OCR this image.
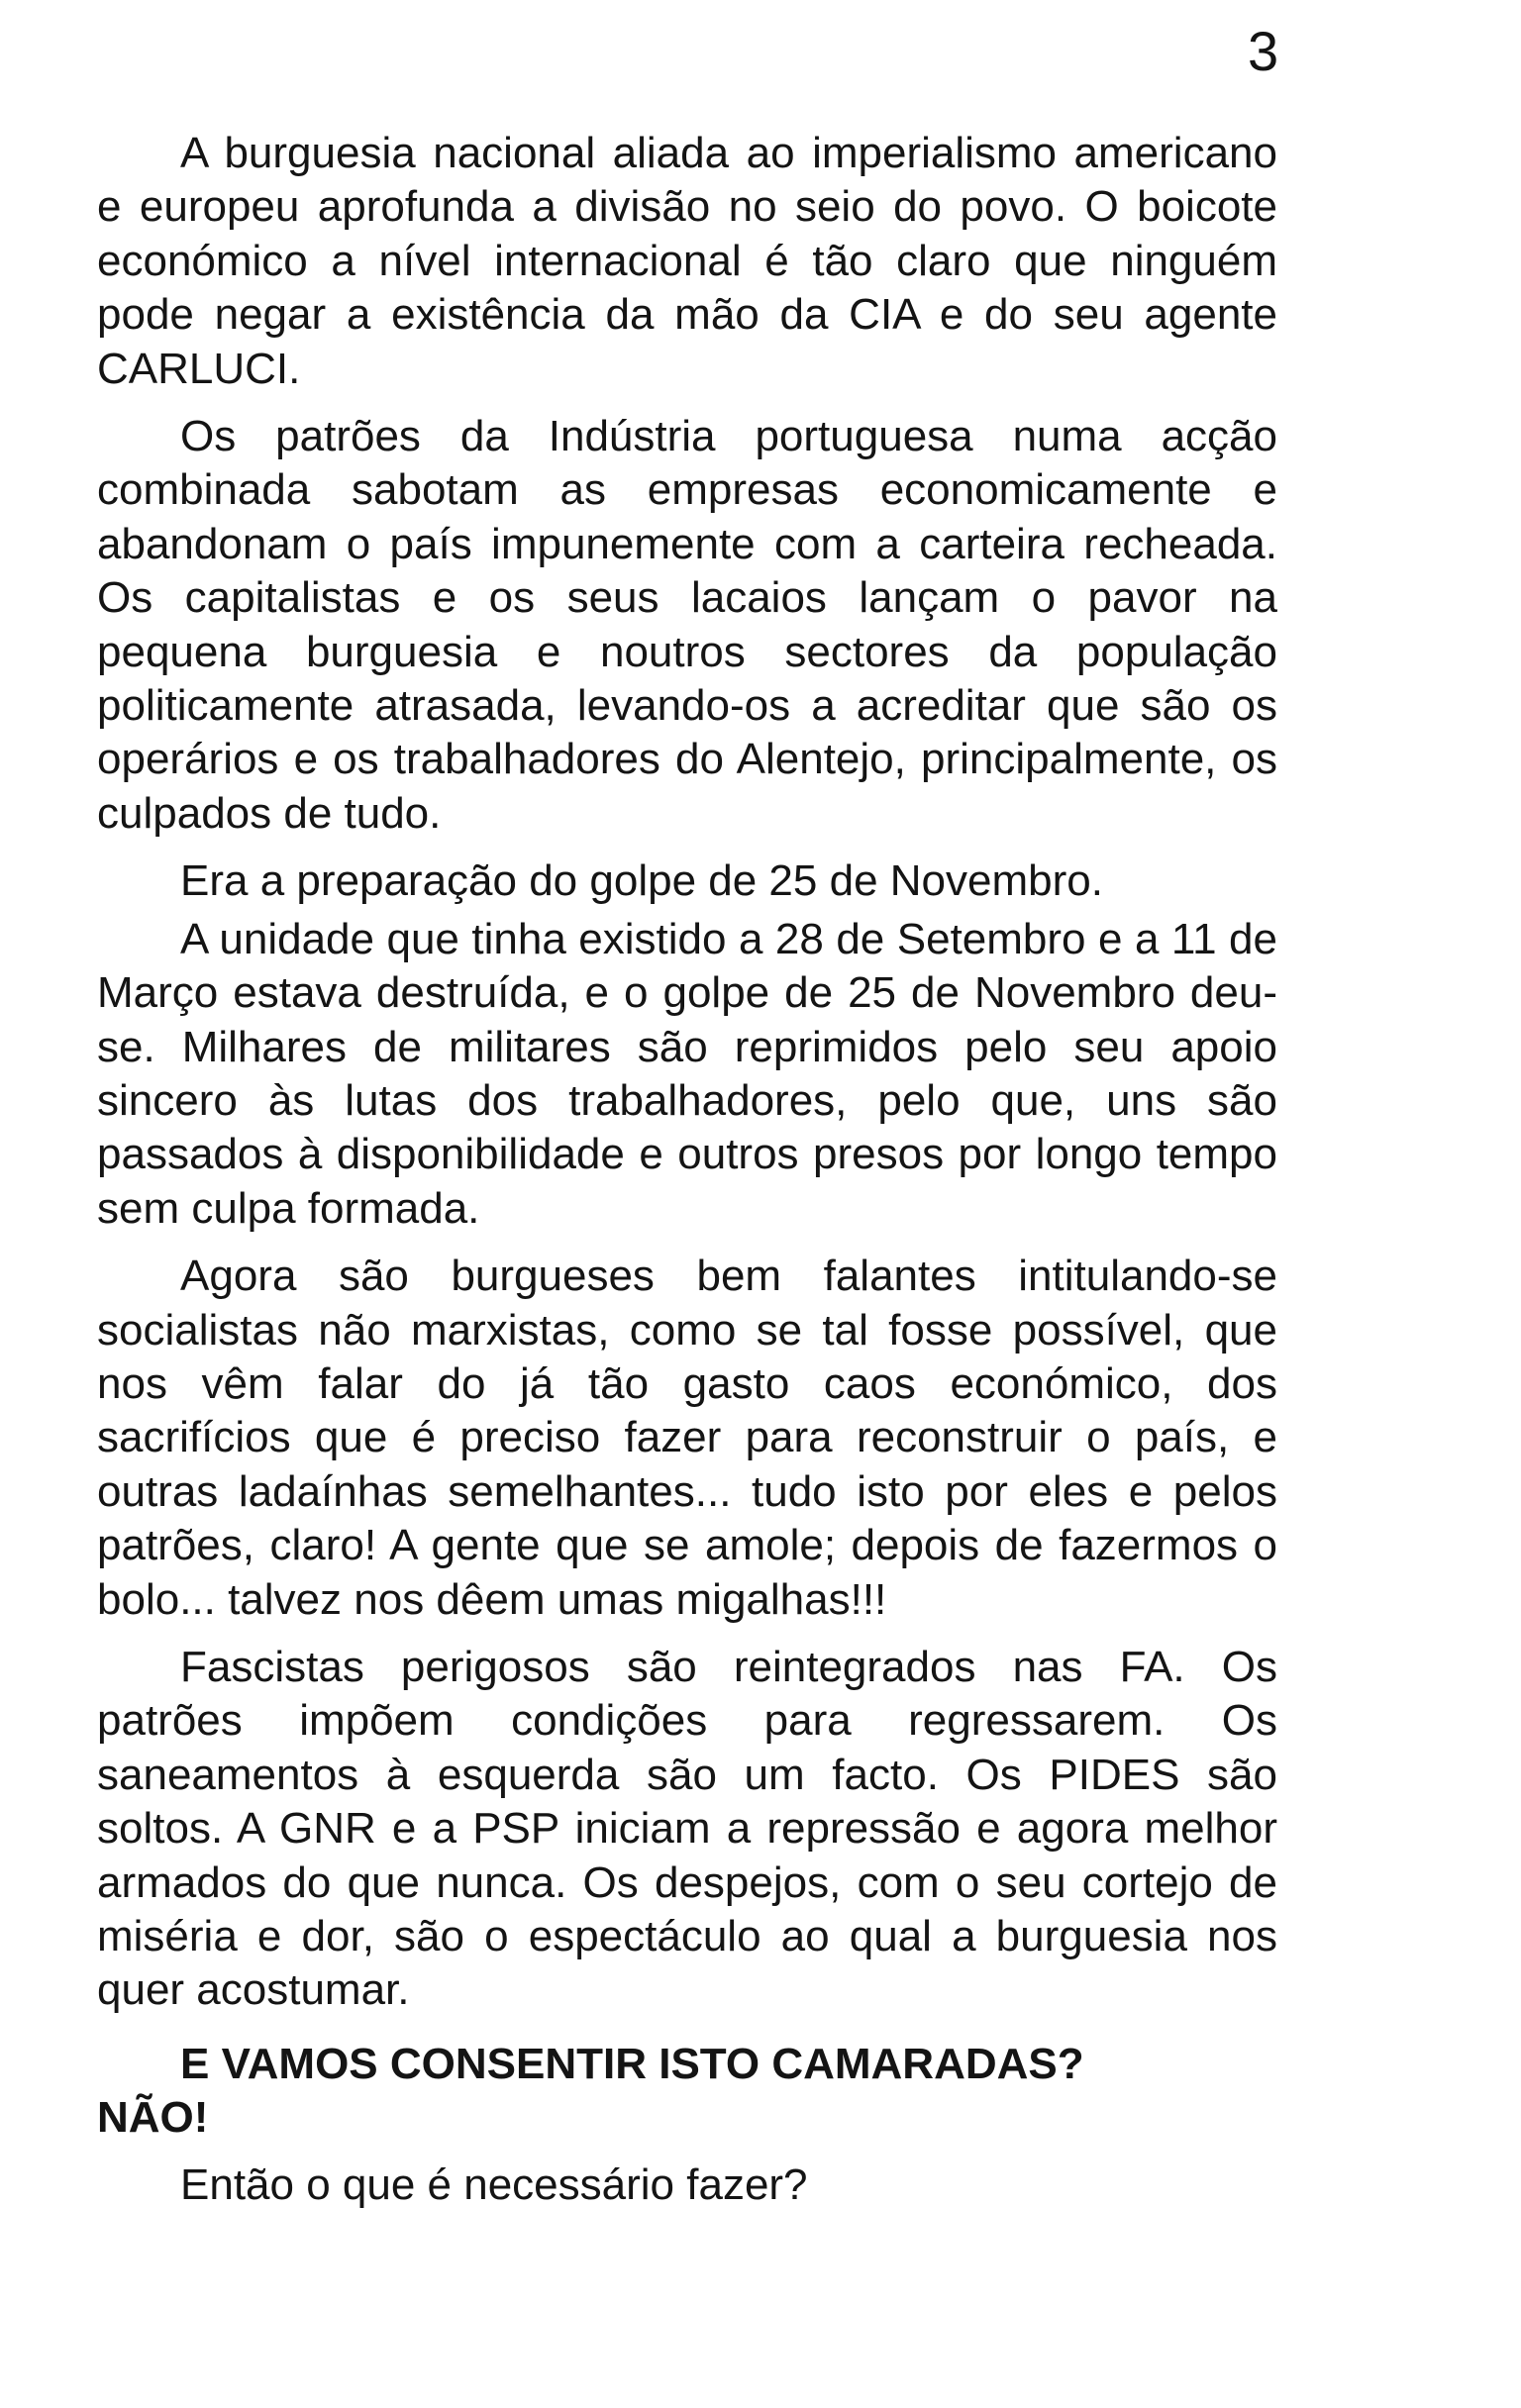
3

A burguesia nacional aliada ao imperialismo americano e europeu aprofunda a divisão no seio do povo. O boicote económico a nível internacional é tão claro que ninguém pode negar a existência da mão da CIA e do seu agente CARLUCI.

Os patrões da Indústria portuguesa numa acção combinada sabotam as empresas economicamente e abandonam o país impunemente com a carteira recheada. Os capitalistas e os seus lacaios lançam o pavor na pequena burguesia e noutros sectores da população politicamente atrasada, levando-os a acreditar que são os operários e os trabalhadores do Alentejo, principalmente, os culpados de tudo.

Era a preparação do golpe de 25 de Novembro.

A unidade que tinha existido a 28 de Setembro e a 11 de Março estava destruída, e o golpe de 25 de Novembro deu-se. Milhares de militares são reprimidos pelo seu apoio sincero às lutas dos trabalhadores, pelo que, uns são passados à disponibilidade e outros presos por longo tempo sem culpa formada.

Agora são burgueses bem falantes intitulando-se socialistas não marxistas, como se tal fosse possível, que nos vêm falar do já tão gasto caos económico, dos sacrifícios que é preciso fazer para reconstruir o país, e outras ladaínhas semelhantes... tudo isto por eles e pelos patrões, claro! A gente que se amole; depois de fazermos o bolo... talvez nos dêem umas migalhas!!!

Fascistas perigosos são reintegrados nas FA. Os patrões impõem condições para regressarem. Os saneamentos à esquerda são um facto. Os PIDES são soltos. A GNR e a PSP iniciam a repressão e agora melhor armados do que nunca. Os despejos, com o seu cortejo de miséria e dor, são o espectáculo ao qual a burguesia nos quer acostumar.

E VAMOS CONSENTIR ISTO CAMARADAS?
NÃO!

Então o que é necessário fazer?
